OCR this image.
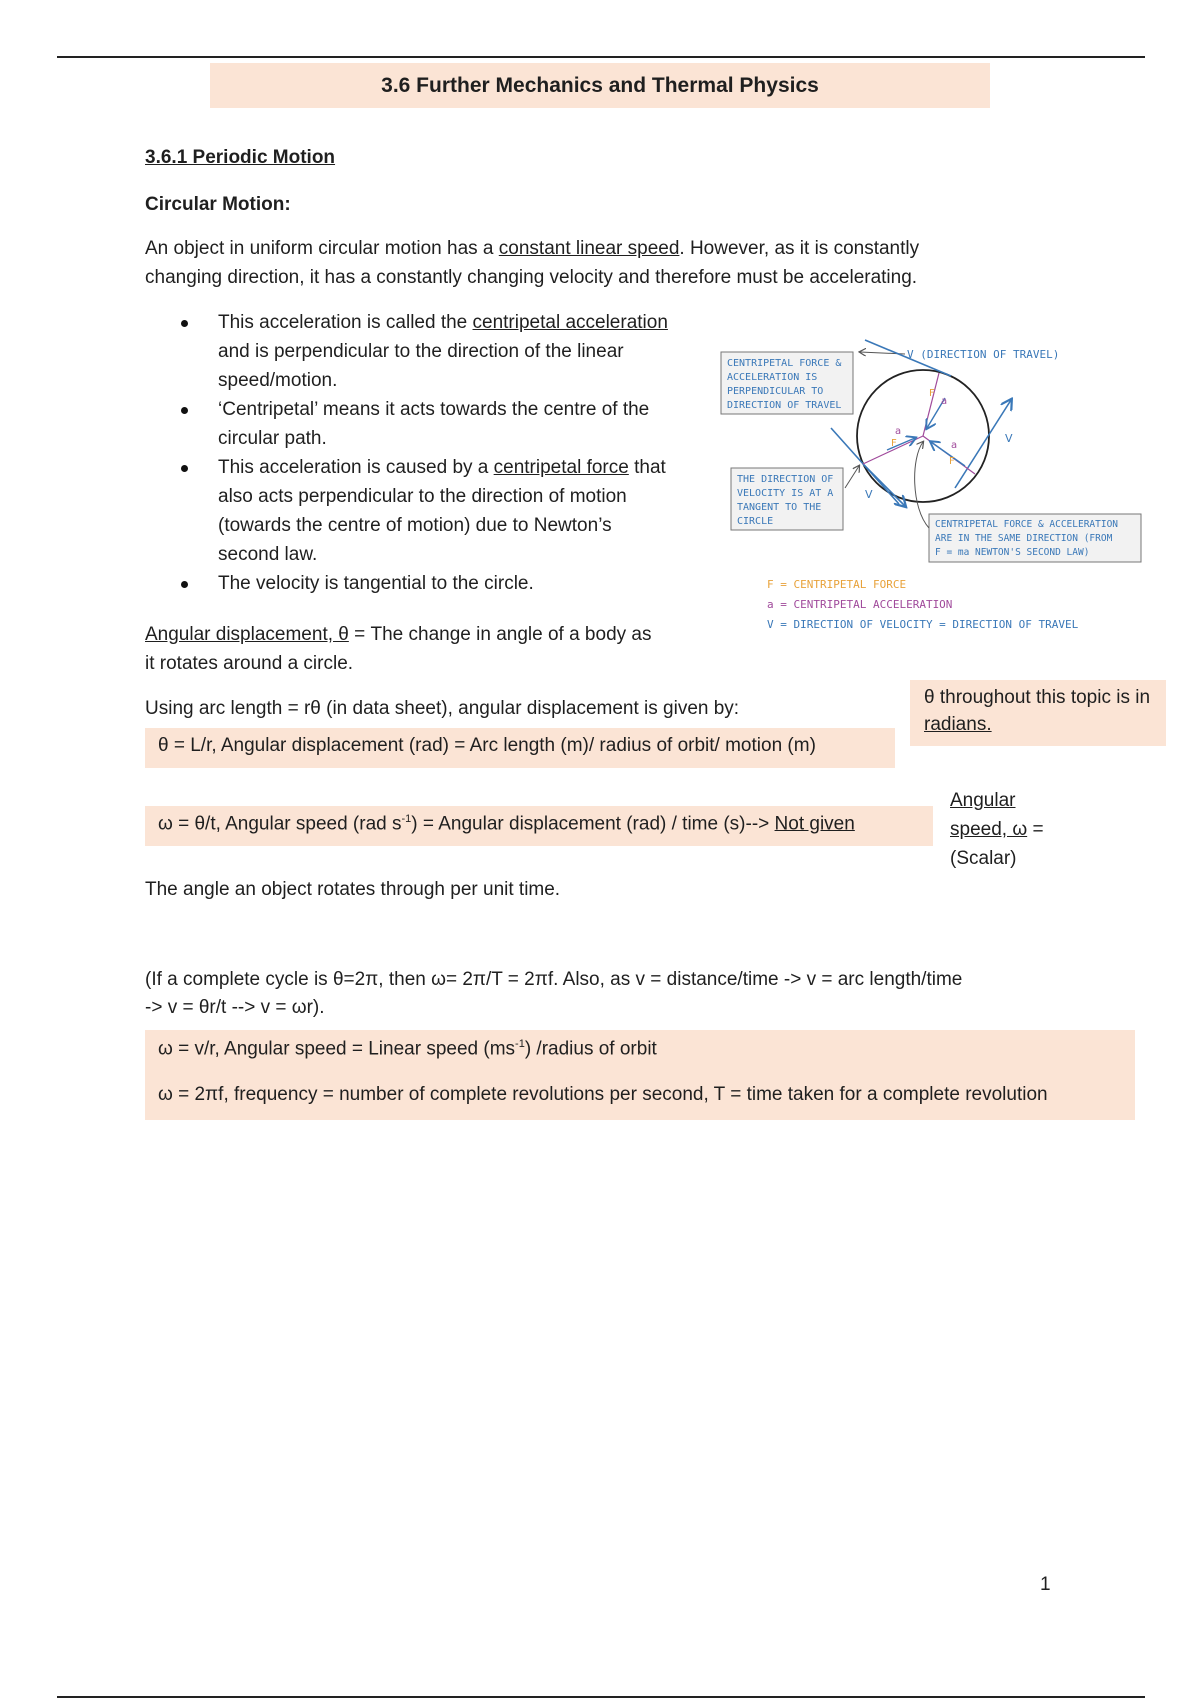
3.6 Further Mechanics and Thermal Physics
3.6.1 Periodic Motion
Circular Motion:
An object in uniform circular motion has a constant linear speed. However, as it is constantly
changing direction, it has a constantly changing velocity and therefore must be accelerating.
This acceleration is called the centripetal acceleration and is perpendicular to the direction of the linear speed/motion.
‘Centripetal’ means it acts towards the centre of the circular path.
This acceleration is caused by a centripetal force that also acts perpendicular to the direction of motion (towards the centre of motion) due to Newton’s second law.
The velocity is tangential to the circle.
CENTRIPETAL FORCE &
ACCELERATION IS
PERPENDICULAR TO
DIRECTION OF TRAVEL
V (DIRECTION OF TRAVEL)
F
a
F
a
F
a
V
V
THE DIRECTION OF
VELOCITY IS AT A
TANGENT TO THE
CIRCLE	CENTRIPETAL FORCE & ACCELERATION
ARE IN THE SAME DIRECTION (FROM
F = ma NEWTON'S SECOND LAW)
F = CENTRIPETAL FORCE
a = CENTRIPETAL ACCELERATION
V = DIRECTION OF VELOCITY = DIRECTION OF TRAVEL
Angular displacement, θ = The change in angle of a body as
it rotates around a circle.
θ throughout this topic is in
radians.
Using arc length = rθ (in data sheet), angular displacement is given by:
θ = L/r, Angular displacement (rad) = Arc length (m)/ radius of orbit/ motion (m)
ω = θ/t, Angular speed (rad $s^{-1}$) = Angular displacement (rad) / time (s)--> Not given
Angular
speed, ω =
(Scalar)
The angle an object rotates through per unit time.
(If a complete cycle is θ=2π, then ω= 2π/T = 2πf. Also, as v = distance/time -> v = arc length/time
-> v = θr/t --> v = ωr).
ω = v/r, Angular speed = Linear speed $(ms^{-1})$ /radius of orbit
ω = 2πf, frequency = number of complete revolutions per second, T = time taken for a complete revolution
1
